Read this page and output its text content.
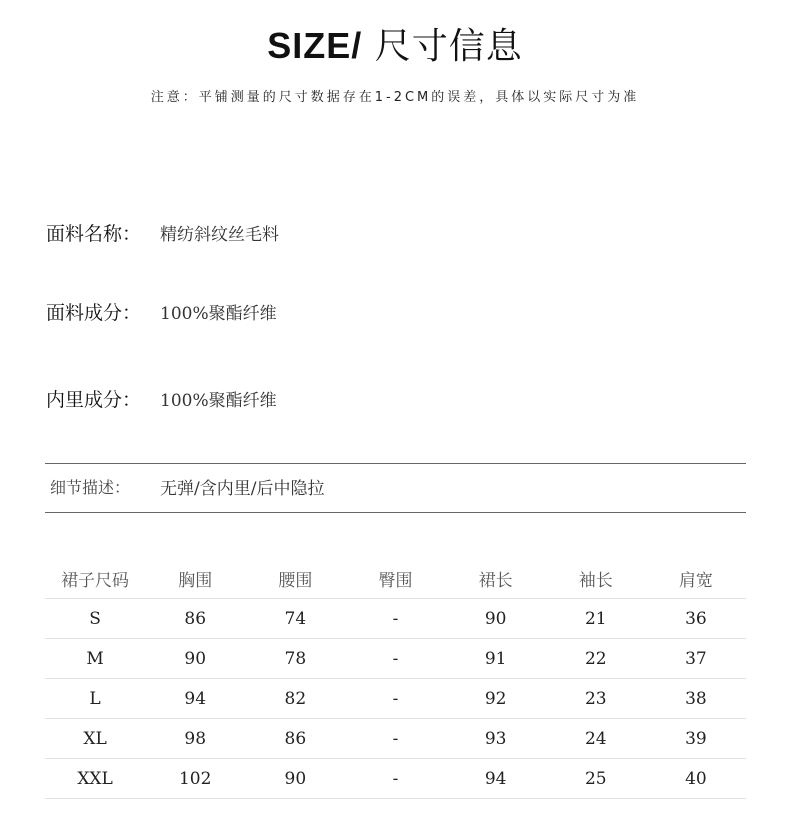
SIZE/ 尺寸信息
注意：平铺测量的尺寸数据存在1-2CM的误差，具体以实际尺寸为准
面料名称： 精纺斜纹丝毛料
面料成分： 100%聚酯纤维
内里成分： 100%聚酯纤维
细节描述： 无弹/含内里/后中隐拉
裙子尺码	胸围	腰围	臀围	裙长	袖长	肩宽
S	86	74	-	90	21	36
M	90	78	-	91	22	37
L	94	82	-	92	23	38
XL	98	86	-	93	24	39
XXL	102	90	-	94	25	40
